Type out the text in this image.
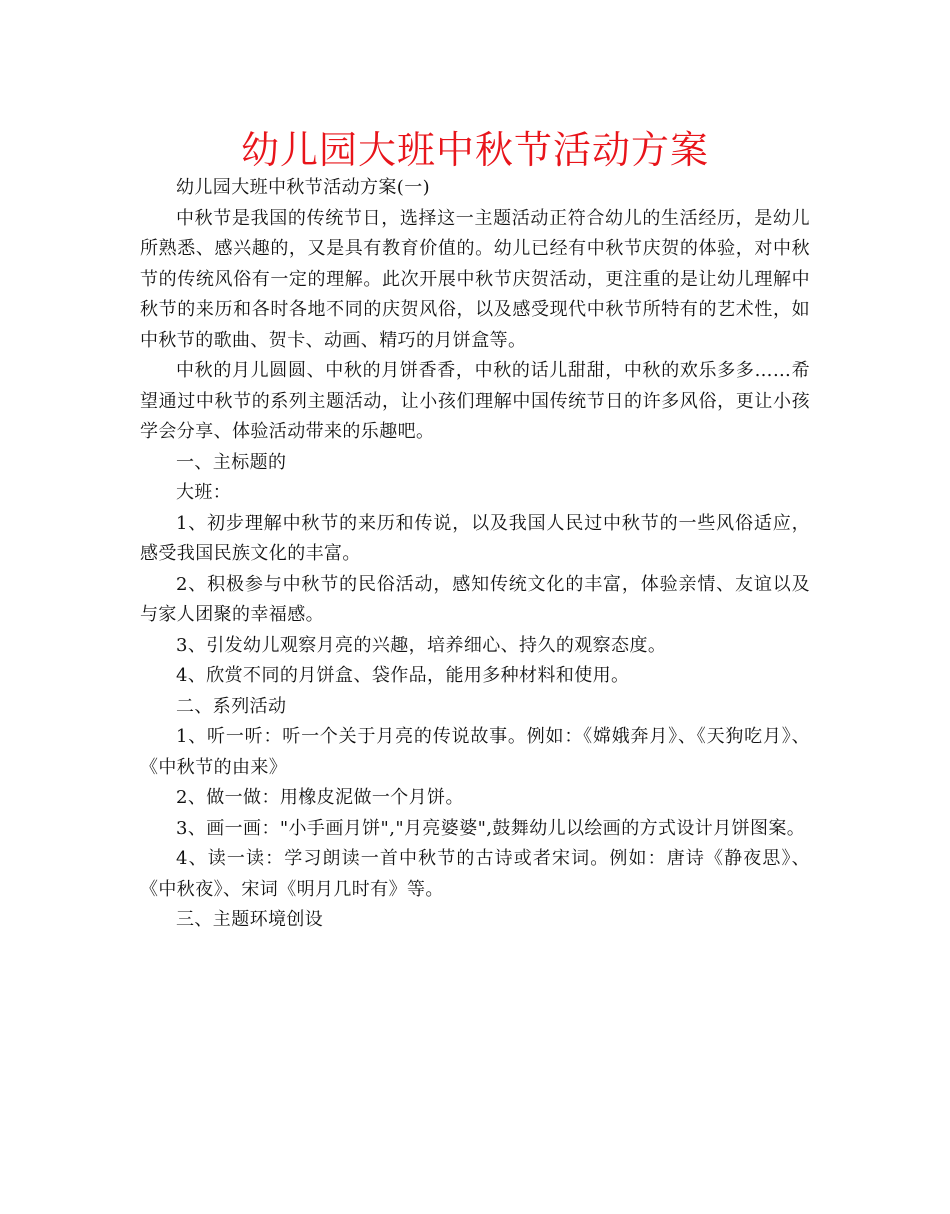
幼儿园大班中秋节活动方案

幼儿园大班中秋节活动方案(一)

中秋节是我国的传统节日，选择这一主题活动正符合幼儿的生活经历，是幼儿所熟悉、感兴趣的，又是具有教育价值的。幼儿已经有中秋节庆贺的体验，对中秋节的传统风俗有一定的理解。此次开展中秋节庆贺活动，更注重的是让幼儿理解中秋节的来历和各时各地不同的庆贺风俗，以及感受现代中秋节所特有的艺术性，如中秋节的歌曲、贺卡、动画、精巧的月饼盒等。

中秋的月儿圆圆、中秋的月饼香香，中秋的话儿甜甜，中秋的欢乐多多……希望通过中秋节的系列主题活动，让小孩们理解中国传统节日的许多风俗，更让小孩学会分享、体验活动带来的乐趣吧。

一、主标题的

大班：

1、初步理解中秋节的来历和传说，以及我国人民过中秋节的一些风俗适应，感受我国民族文化的丰富。

2、积极参与中秋节的民俗活动，感知传统文化的丰富，体验亲情、友谊以及与家人团聚的幸福感。

3、引发幼儿观察月亮的兴趣，培养细心、持久的观察态度。

4、欣赏不同的月饼盒、袋作品，能用多种材料和使用。

二、系列活动

1、听一听：听一个关于月亮的传说故事。例如：《嫦娥奔月》、《天狗吃月》、《中秋节的由来》

2、做一做：用橡皮泥做一个月饼。

3、画一画："小手画月饼","月亮婆婆",鼓舞幼儿以绘画的方式设计月饼图案。

4、读一读：学习朗读一首中秋节的古诗或者宋词。例如：唐诗《静夜思》、《中秋夜》、宋词《明月几时有》等。

三、主题环境创设
